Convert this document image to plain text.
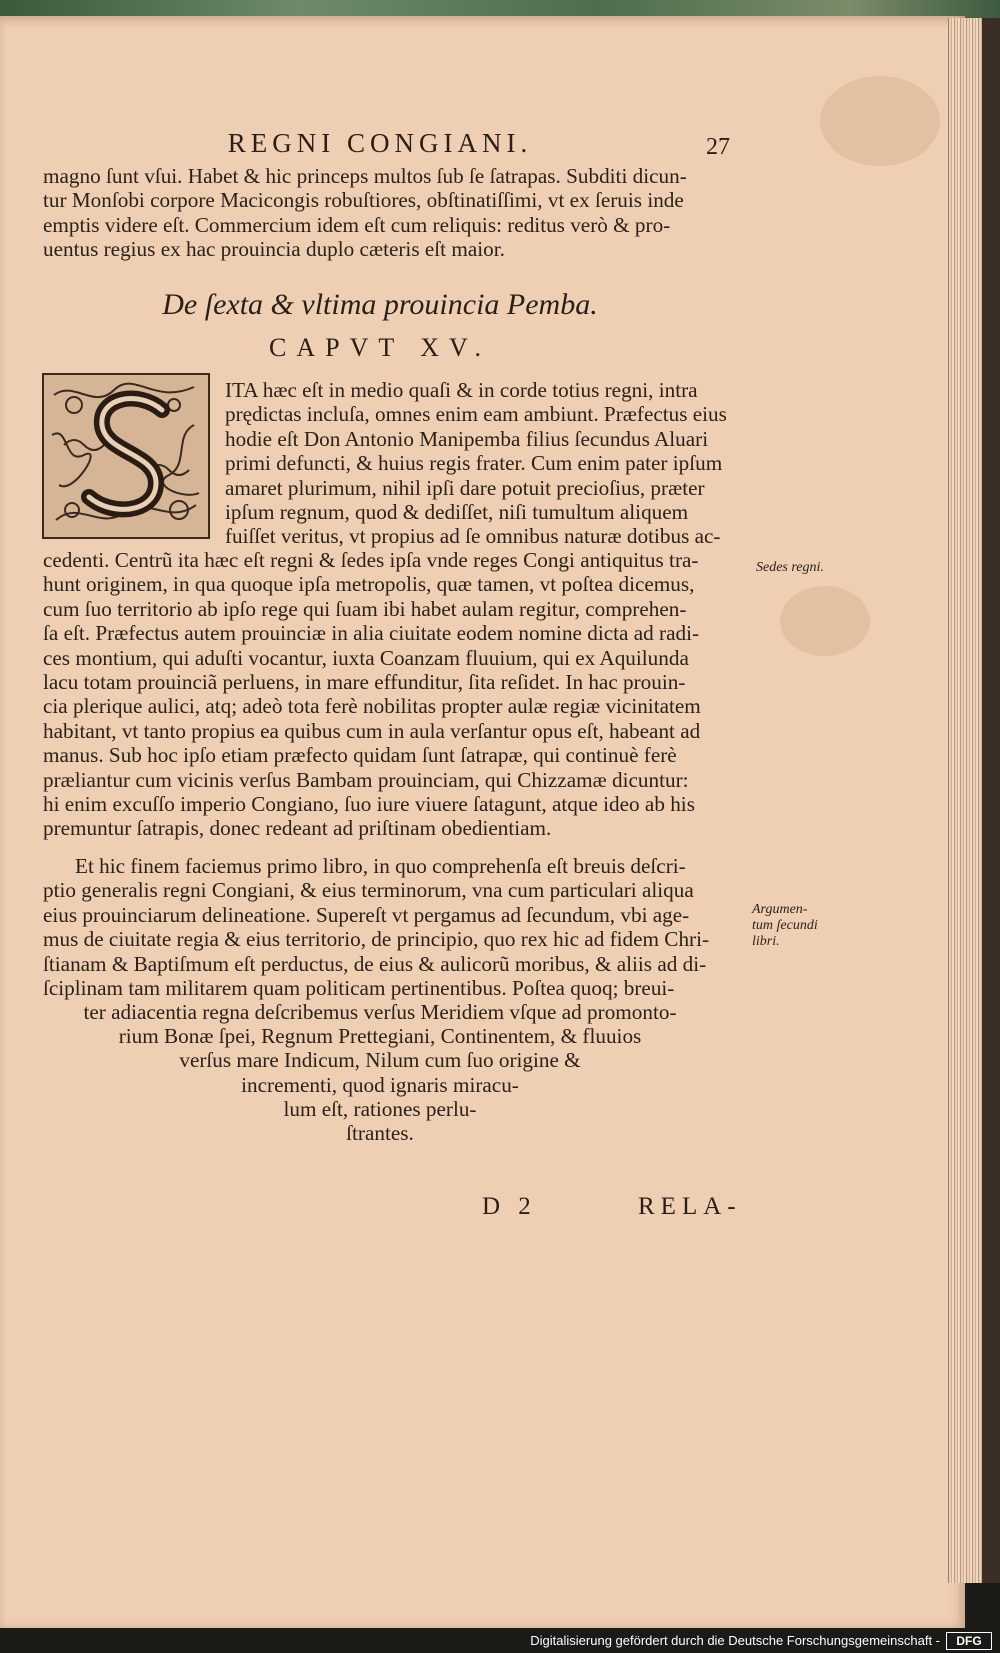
REGNI CONGIANI.	27

magno ſunt vſui. Habet & hic princeps multos ſub ſe ſatrapas. Subditi dicun-
tur Monſobi corpore Macicongis robuſtiores, obſtinatiſſimi, vt ex ſeruis inde
emptis videre eſt. Commercium idem eſt cum reliquis: reditus verò & pro-
uentus regius ex hac prouincia duplo cæteris eſt maior.

De ſexta & vltima prouincia Pemba.
CAPVT XV.

ITA hæc eſt in medio quaſi & in corde totius regni, intra
prędictas incluſa, omnes enim eam ambiunt. Præfectus eius
hodie eſt Don Antonio Manipemba filius ſecundus Aluari
primi defuncti, & huius regis frater. Cum enim pater ipſum
amaret plurimum, nihil ipſi dare potuit precioſius, præter
ipſum regnum, quod & dediſſet, niſi tumultum aliquem
fuiſſet veritus, vt propius ad ſe omnibus naturæ dotibus ac-

cedenti. Centrũ ita hæc eſt regni & ſedes ipſa vnde reges Congi antiquitus tra-
hunt originem, in qua quoque ipſa metropolis, quæ tamen, vt poſtea dicemus,
cum ſuo territorio ab ipſo rege qui ſuam ibi habet aulam regitur, comprehen-
ſa eſt. Præfectus autem prouinciæ in alia ciuitate eodem nomine dicta ad radi-
ces montium, qui aduſti vocantur, iuxta Coanzam fluuium, qui ex Aquilunda
lacu totam prouinciã perluens, in mare effunditur, ſita reſidet. In hac prouin-
cia plerique aulici, atq; adeò tota ferè nobilitas propter aulæ regiæ vicinitatem
habitant, vt tanto propius ea quibus cum in aula verſantur opus eſt, habeant ad
manus. Sub hoc ipſo etiam præfecto quidam ſunt ſatrapæ, qui continuè ferè
præliantur cum vicinis verſus Bambam prouinciam, qui Chizzamæ dicuntur:
hi enim excuſſo imperio Congiano, ſuo iure viuere ſatagunt, atque ideo ab his
premuntur ſatrapis, donec redeant ad priſtinam obedientiam.

Et hic finem faciemus primo libro, in quo comprehenſa eſt breuis deſcri-
ptio generalis regni Congiani, & eius terminorum, vna cum particulari aliqua
eius prouinciarum delineatione. Supereſt vt pergamus ad ſecundum, vbi age-
mus de ciuitate regia & eius territorio, de principio, quo rex hic ad fidem Chri-
ſtianam & Baptiſmum eſt perductus, de eius & aulicorũ moribus, & aliis ad di-
ſciplinam tam militarem quam politicam pertinentibus. Poſtea quoq; breui-

ter adiacentia regna deſcribemus verſus Meridiem vſque ad promonto-
rium Bonæ ſpei, Regnum Prettegiani, Continentem, & fluuios
verſus mare Indicum, Nilum cum ſuo origine &
incrementi, quod ignaris miracu-
lum eſt, rationes perlu-
ſtrantes.
Sedes regni.
Argumen-
tum ſecundi
libri.
D 2	RELA-
Digitalisierung gefördert durch die Deutsche Forschungsgemeinschaft -	DFG
